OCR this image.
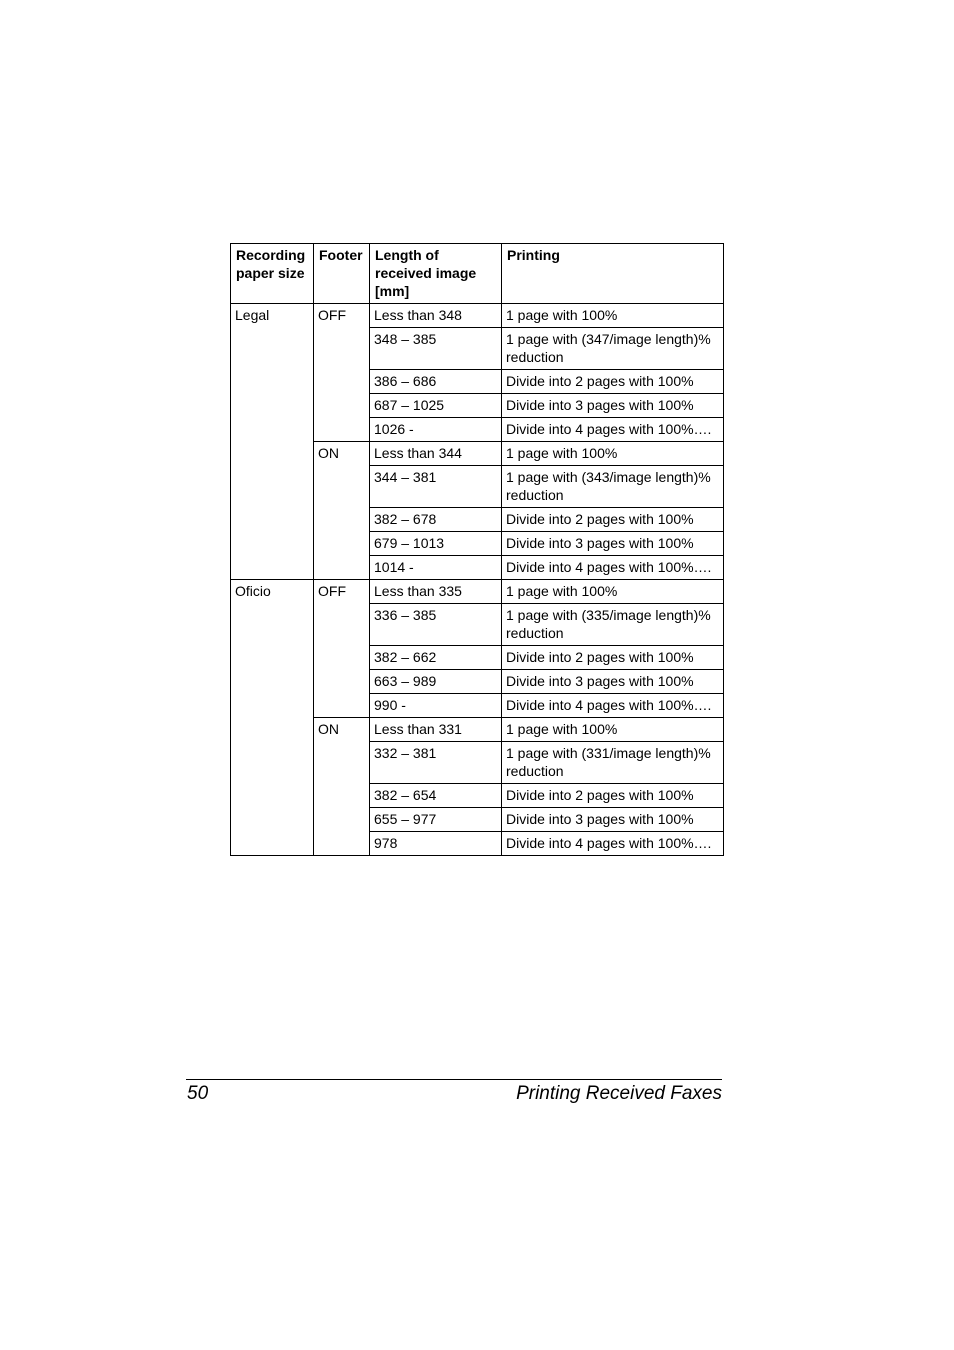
Recording paper size	Footer	Length of received image [mm]	Printing
Legal	OFF	Less than 348	1 page with 100%
		348 – 385	1 page with (347/image length)% reduction
		386 – 686	Divide into 2 pages with 100%
		687 – 1025	Divide into 3 pages with 100%
		1026 -	Divide into 4 pages with 100%….
	ON	Less than 344	1 page with 100%
		344 – 381	1 page with (343/image length)% reduction
		382 – 678	Divide into 2 pages with 100%
		679 – 1013	Divide into 3 pages with 100%
		1014 -	Divide into 4 pages with 100%….
Oficio	OFF	Less than 335	1 page with 100%
		336 – 385	1 page with (335/image length)% reduction
		382 – 662	Divide into 2 pages with 100%
		663 – 989	Divide into 3 pages with 100%
		990 -	Divide into 4 pages with 100%….
	ON	Less than 331	1 page with 100%
		332 – 381	1 page with (331/image length)% reduction
		382 – 654	Divide into 2 pages with 100%
		655 – 977	Divide into 3 pages with 100%
		978	Divide into 4 pages with 100%….
50	Printing Received Faxes
